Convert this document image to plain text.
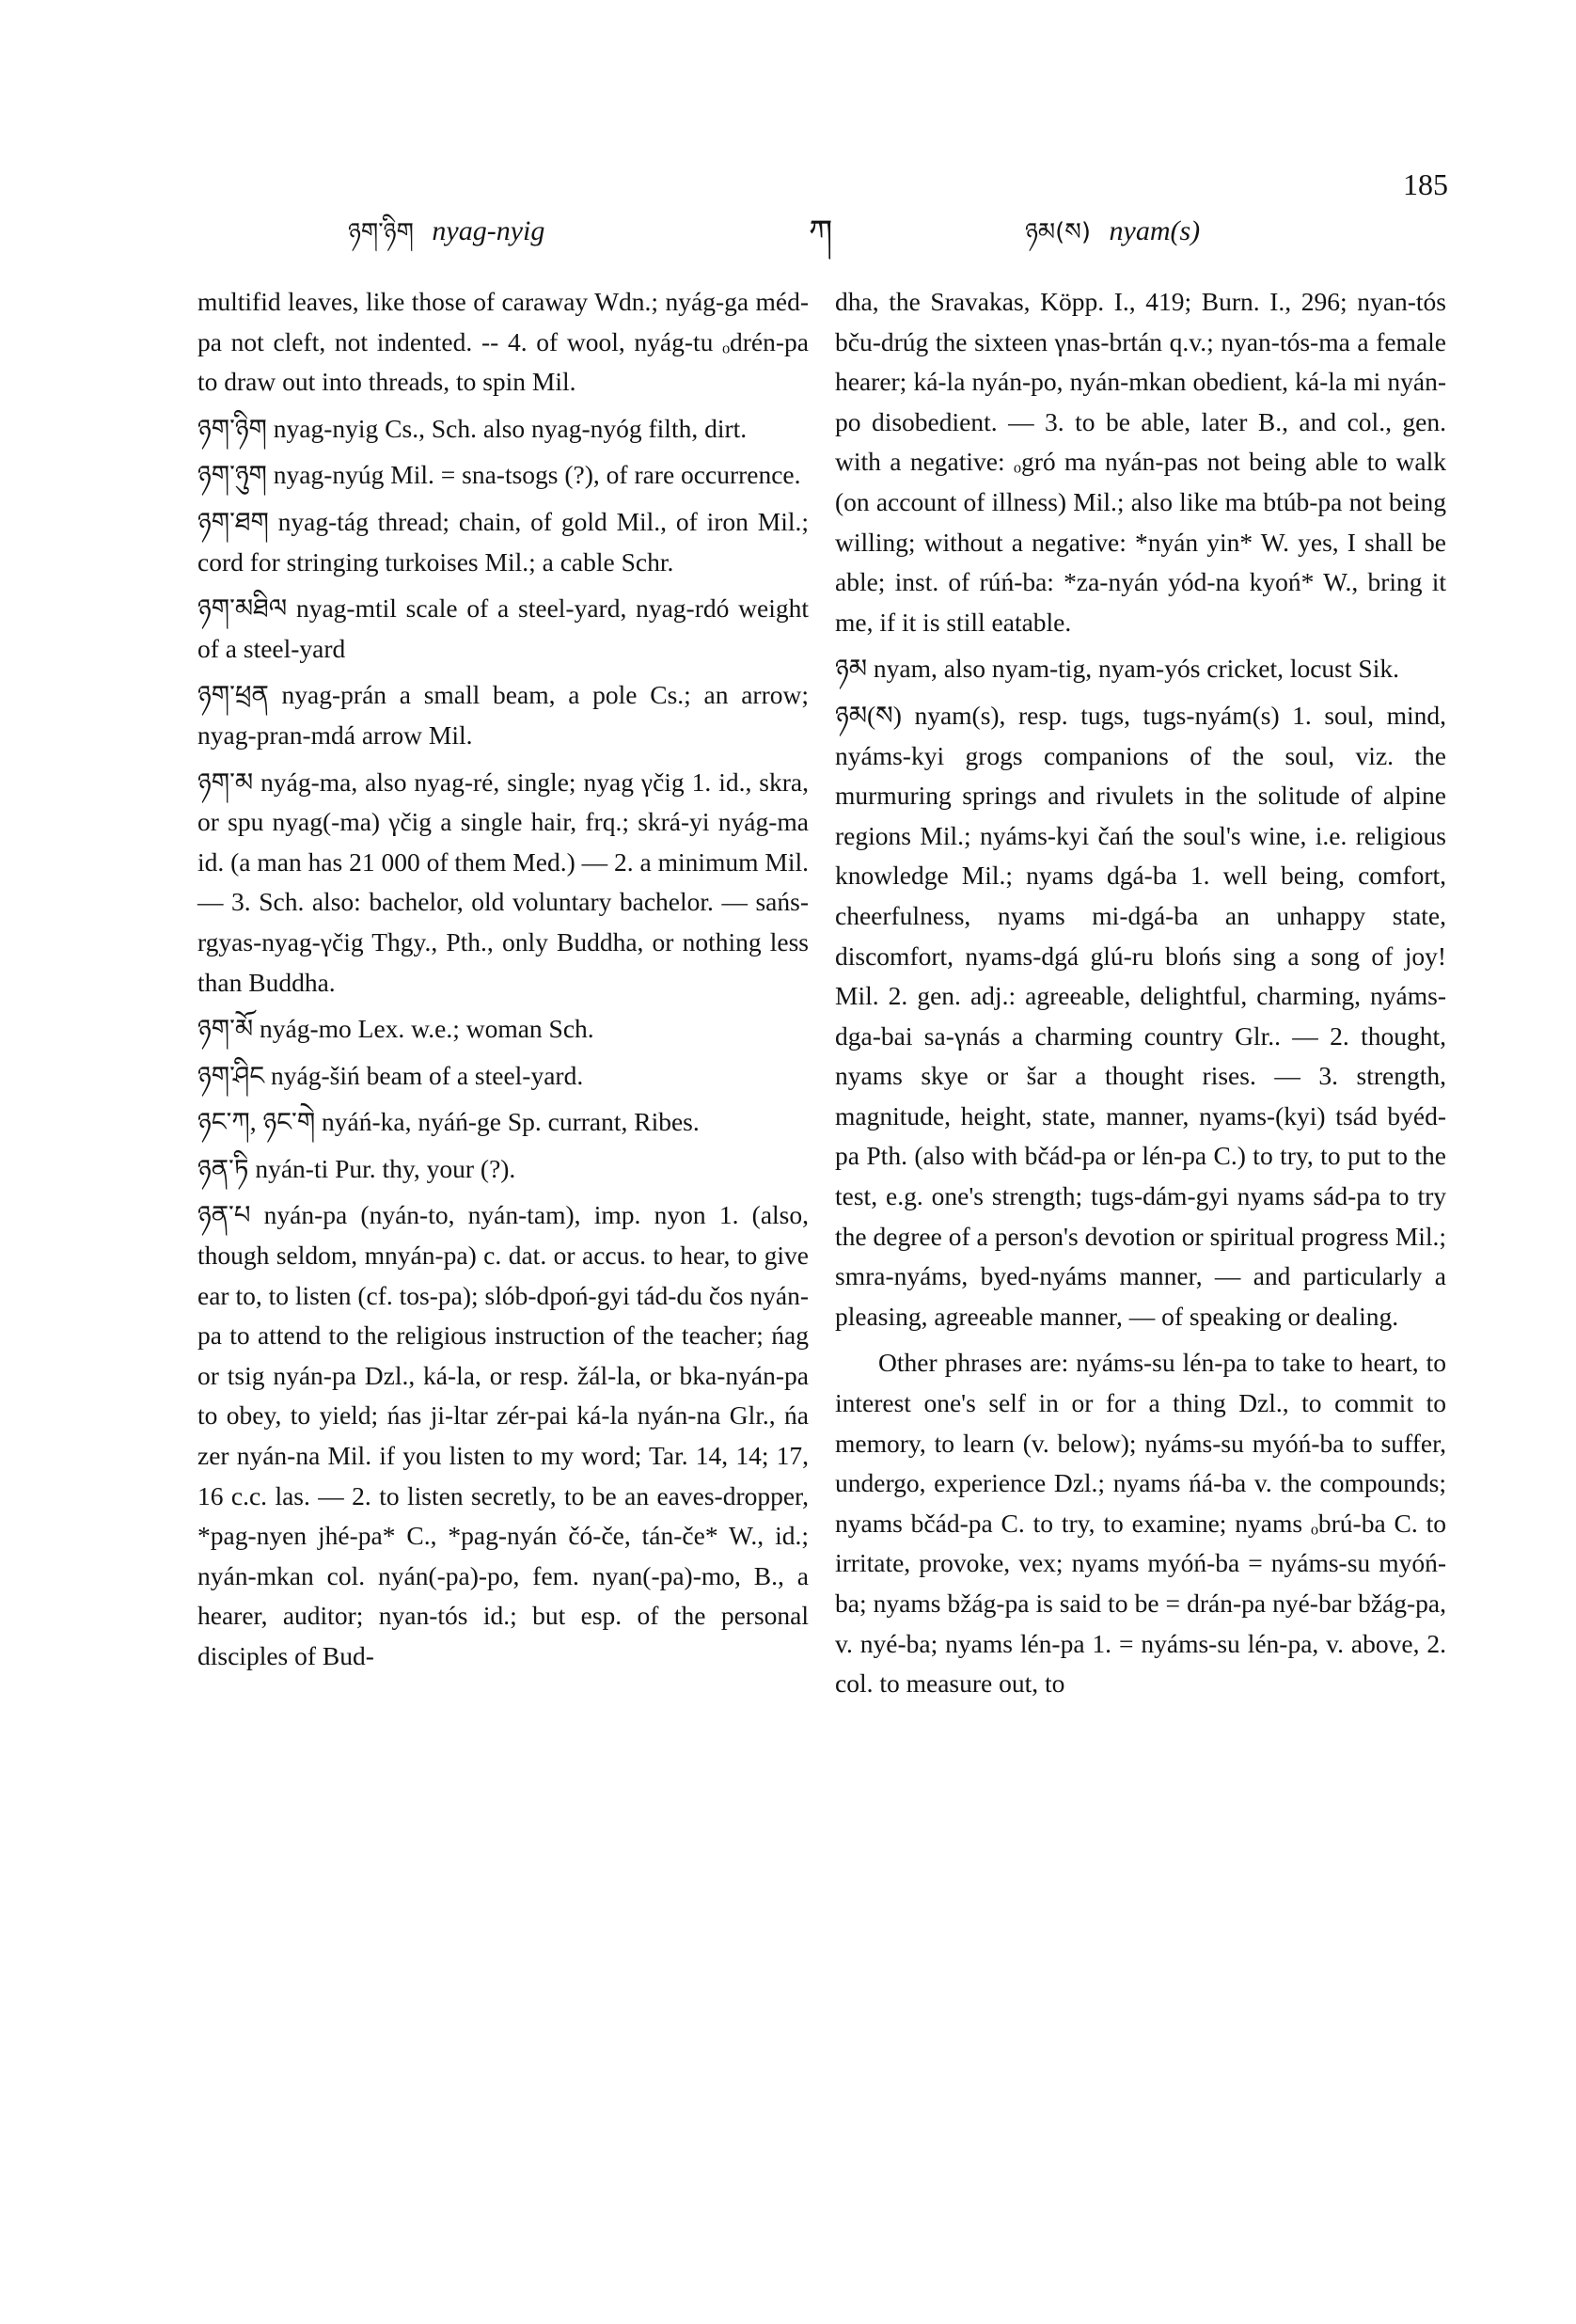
ཉག་ཉིག nyag-nyig	ཀ	ཉམ(ས) nyam(s)
185

multifid leaves, like those of caraway Wdn.; nyág-ga méd-pa not cleft, not indented. -- 4. of wool, nyág-tu ₒdrén-pa to draw out into threads, to spin Mil.

ཉག་ཉིག nyag-nyig Cs., Sch. also nyag-nyóg filth, dirt.

ཉག་ཉུག nyag-nyúg Mil. = sna-tsogs (?), of rare occurrence.

ཉག་ཐག nyag-tág thread; chain, of gold Mil., of iron Mil.; cord for stringing turkoises Mil.; a cable Schr.

ཉག་མཐིལ nyag-mtil scale of a steel-yard, nyag-rdó weight of a steel-yard

ཉག་ཕྲན nyag-prán a small beam, a pole Cs.; an arrow; nyag-pran-mdá arrow Mil.

ཉག་མ nyág-ma, also nyag-ré, single; nyag γčig 1. id., skra, or spu nyag(-ma) γčig a single hair, frq.; skrá-yi nyág-ma id. (a man has 21 000 of them Med.) — 2. a minimum Mil. — 3. Sch. also: bachelor, old voluntary bachelor. — sańs-rgyas-nyag-γčig Thgy., Pth., only Buddha, or nothing less than Buddha.

ཉག་མོ nyág-mo Lex. w.e.; woman Sch.

ཉག་ཤིང nyág-šiń beam of a steel-yard.

ཉང་ཀ, ཉང་གེ nyáń-ka, nyáń-ge Sp. currant, Ribes.

ཉན་ཏི nyán-ti Pur. thy, your (?).

ཉན་པ nyán-pa (nyán-to, nyán-tam), imp. nyon 1. (also, though seldom, mnyán-pa) c. dat. or accus. to hear, to give ear to, to listen (cf. tos-pa); slób-dpoń-gyi tád-du čos nyán-pa to attend to the religious instruction of the teacher; ńag or tsig nyán-pa Dzl., ká-la, or resp. žál-la, or bka-nyán-pa to obey, to yield; ńas ji-ltar zér-pai ká-la nyán-na Glr., ńa zer nyán-na Mil. if you listen to my word; Tar. 14, 14; 17, 16 c.c. las. — 2. to listen secretly, to be an eaves-dropper, *pag-nyen jhé-pa* C., *pag-nyán čó-če, tán-če* W., id.; nyán-mkan col. nyán(-pa)-po, fem. nyan(-pa)-mo, B., a hearer, auditor; nyan-tós id.; but esp. of the personal disciples of Bud-

dha, the Sravakas, Köpp. I., 419; Burn. I., 296; nyan-tós bču-drúg the sixteen γnas-brtán q.v.; nyan-tós-ma a female hearer; ká-la nyán-po, nyán-mkan obedient, ká-la mi nyán-po disobedient. — 3. to be able, later B., and col., gen. with a negative: ₒgró ma nyán-pas not being able to walk (on account of illness) Mil.; also like ma btúb-pa not being willing; without a negative: *nyán yin* W. yes, I shall be able; inst. of rúń-ba: *za-nyán yód-na kyoń* W., bring it me, if it is still eatable.

ཉམ nyam, also nyam-tig, nyam-yós cricket, locust Sik.

ཉམ(ས) nyam(s), resp. tugs, tugs-nyám(s) 1. soul, mind, nyáms-kyi grogs companions of the soul, viz. the murmuring springs and rivulets in the solitude of alpine regions Mil.; nyáms-kyi čań the soul's wine, i.e. religious knowledge Mil.; nyams dgá-ba 1. well being, comfort, cheerfulness, nyams mi-dgá-ba an unhappy state, discomfort, nyams-dgá glú-ru blońs sing a song of joy! Mil. 2. gen. adj.: agreeable, delightful, charming, nyáms-dga-bai sa-γnás a charming country Glr.. — 2. thought, nyams skye or šar a thought rises. — 3. strength, magnitude, height, state, manner, nyams-(kyi) tsád byéd-pa Pth. (also with bčád-pa or lén-pa C.) to try, to put to the test, e.g. one's strength; tugs-dám-gyi nyams sád-pa to try the degree of a person's devotion or spiritual progress Mil.; smra-nyáms, byed-nyáms manner, — and particularly a pleasing, agreeable manner, — of speaking or dealing.

Other phrases are: nyáms-su lén-pa to take to heart, to interest one's self in or for a thing Dzl., to commit to memory, to learn (v. below); nyáms-su myóń-ba to suffer, undergo, experience Dzl.; nyams ńá-ba v. the compounds; nyams bčád-pa C. to try, to examine; nyams ₒbrú-ba C. to irritate, provoke, vex; nyams myóń-ba = nyáms-su myóń-ba; nyams bžág-pa is said to be = drán-pa nyé-bar bžág-pa, v. nyé-ba; nyams lén-pa 1. = nyáms-su lén-pa, v. above, 2. col. to measure out, to
